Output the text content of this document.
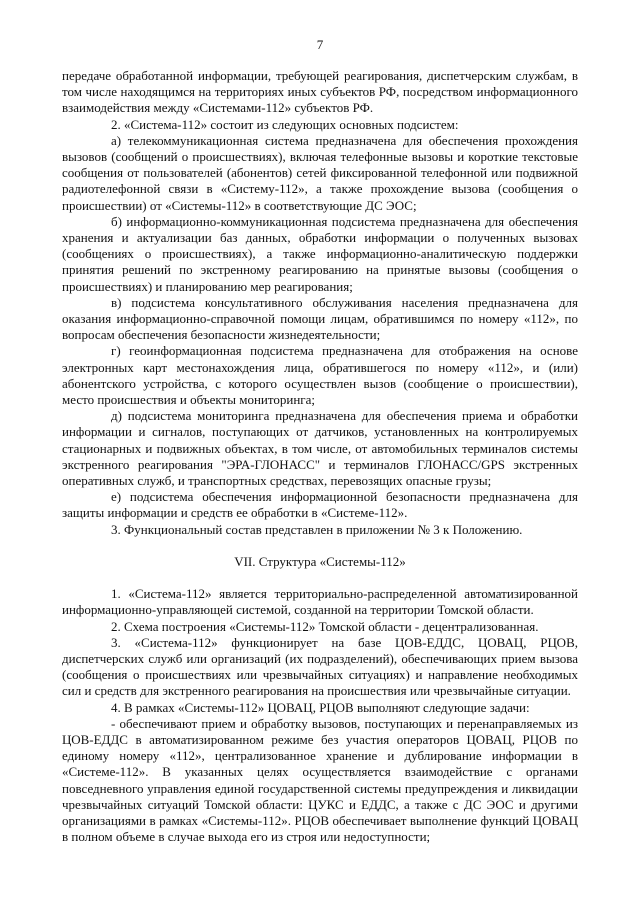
7

передаче обработанной информации, требующей реагирования, диспетчерским службам, в том числе находящимся на территориях иных субъектов РФ, посредством информационного взаимодействия между «Системами-112» субъектов РФ.

2. «Система-112» состоит из следующих основных подсистем:

а) телекоммуникационная система предназначена для обеспечения прохождения вызовов (сообщений о происшествиях), включая телефонные вызовы и короткие текстовые сообщения от пользователей (абонентов) сетей фиксированной телефонной или подвижной радиотелефонной связи в «Систему-112», а также прохождение вызова (сообщения о происшествии) от «Системы-112» в соответствующие ДС ЭОС;

б) информационно-коммуникационная подсистема предназначена для обеспечения хранения и актуализации баз данных, обработки информации о полученных вызовах (сообщениях о происшествиях), а также информационно-аналитическую поддержки принятия решений по экстренному реагированию на принятые вызовы (сообщения о происшествиях) и планированию мер реагирования;

в) подсистема консультативного обслуживания населения предназначена для оказания информационно-справочной помощи лицам, обратившимся по номеру «112», по вопросам обеспечения безопасности жизнедеятельности;

г) геоинформационная подсистема предназначена для отображения на основе электронных карт местонахождения лица, обратившегося по номеру «112», и (или) абонентского устройства, с которого осуществлен вызов (сообщение о происшествии), место происшествия и объекты мониторинга;

д) подсистема мониторинга предназначена для обеспечения приема и обработки информации и сигналов, поступающих от датчиков, установленных на контролируемых стационарных и подвижных объектах, в том числе, от автомобильных терминалов системы экстренного реагирования "ЭРА-ГЛОНАСС" и терминалов ГЛОНАСС/GPS экстренных оперативных служб, и транспортных средствах, перевозящих опасные грузы;

е) подсистема обеспечения информационной безопасности предназначена для защиты информации и средств ее обработки в «Системе-112».

3. Функциональный состав представлен в приложении № 3 к Положению.

VII. Структура «Системы-112»

1. «Система-112» является территориально-распределенной автоматизированной информационно-управляющей системой, созданной на территории Томской области.

2. Схема построения «Системы-112» Томской области - децентрализованная.

3. «Система-112» функционирует на базе ЦОВ-ЕДДС, ЦОВАЦ, РЦОВ, диспетчерских служб или организаций (их подразделений), обеспечивающих прием вызова (сообщения о происшествиях или чрезвычайных ситуациях) и направление необходимых сил и средств для экстренного реагирования на происшествия или чрезвычайные ситуации.

4. В рамках «Системы-112» ЦОВАЦ, РЦОВ выполняют следующие задачи:

- обеспечивают прием и обработку вызовов, поступающих и перенаправляемых из ЦОВ-ЕДДС в автоматизированном режиме без участия операторов ЦОВАЦ, РЦОВ по единому номеру «112», централизованное хранение и дублирование информации в «Системе-112». В указанных целях осуществляется взаимодействие с органами повседневного управления единой государственной системы предупреждения и ликвидации чрезвычайных ситуаций Томской области: ЦУКС и ЕДДС, а также с ДС ЭОС и другими организациями в рамках «Системы-112». РЦОВ обеспечивает выполнение функций ЦОВАЦ в полном объеме в случае выхода его из строя или недоступности;
